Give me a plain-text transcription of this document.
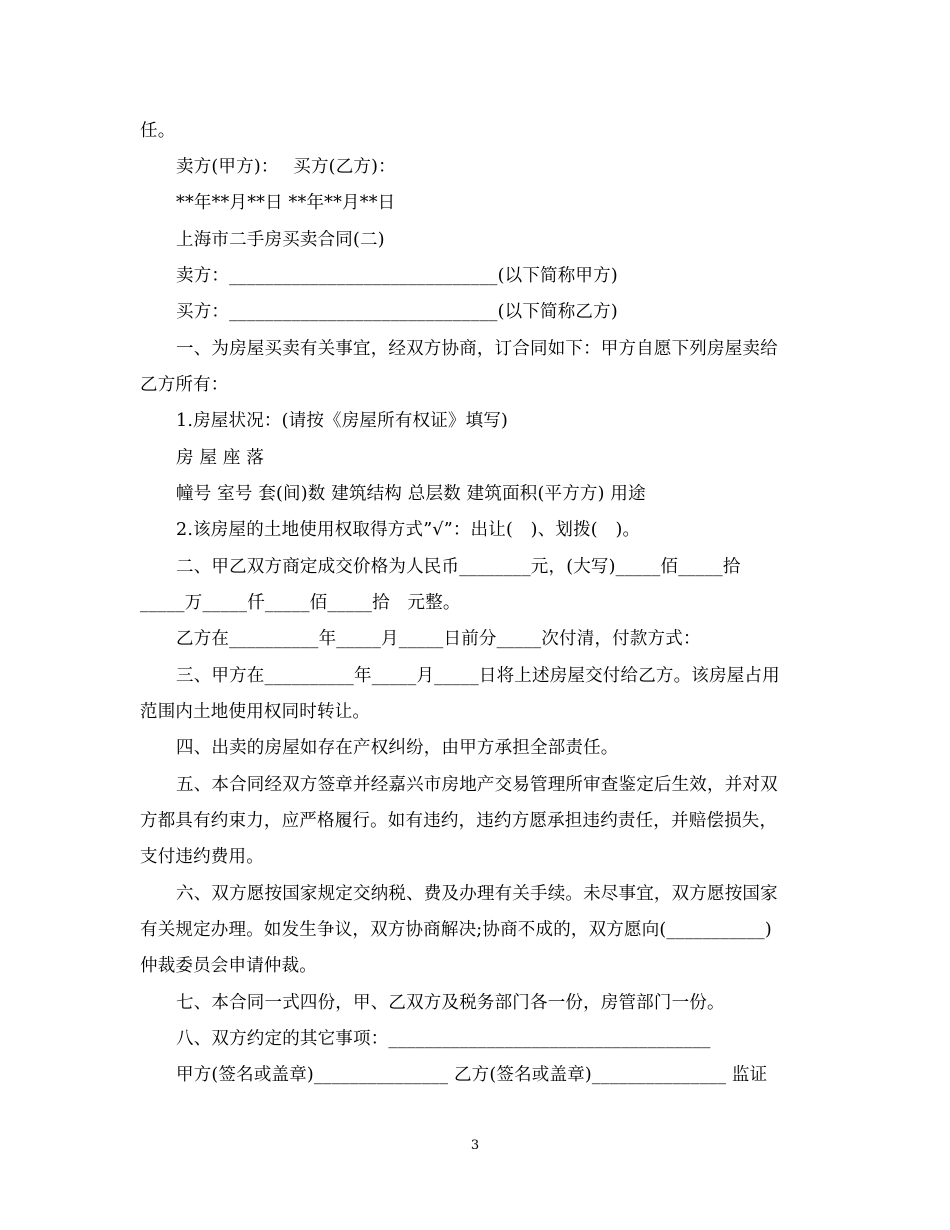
任。
卖方(甲方)：　 买方(乙方)：
**年**月**日 **年**月**日
上海市二手房买卖合同(二)
卖方：______________________________(以下简称甲方)
买方：______________________________(以下简称乙方)
一、为房屋买卖有关事宜，经双方协商，订合同如下：甲方自愿下列房屋卖给
乙方所有：
1.房屋状况：(请按《房屋所有权证》填写)
房 屋 座 落
幢号 室号 套(间)数 建筑结构 总层数 建筑面积(平方方) 用途
2.该房屋的土地使用权取得方式”√”：出让(　)、划拨(　)。
二、甲乙双方商定成交价格为人民币________元，(大写)_____佰_____拾
_____万_____仟_____佰_____拾　元整。
乙方在__________年_____月_____日前分_____次付清，付款方式：
三、甲方在__________年_____月_____日将上述房屋交付给乙方。该房屋占用
范围内土地使用权同时转让。
四、出卖的房屋如存在产权纠纷，由甲方承担全部责任。
五、本合同经双方签章并经嘉兴市房地产交易管理所审查鉴定后生效，并对双
方都具有约束力，应严格履行。如有违约，违约方愿承担违约责任，并赔偿损失，
支付违约费用。
六、双方愿按国家规定交纳税、费及办理有关手续。未尽事宜，双方愿按国家
有关规定办理。如发生争议，双方协商解决;协商不成的，双方愿向(___________)
仲裁委员会申请仲裁。
七、本合同一式四份，甲、乙双方及税务部门各一份，房管部门一份。
八、双方约定的其它事项：____________________________________
甲方(签名或盖章)_______________ 乙方(签名或盖章)_______________ 监证
3
